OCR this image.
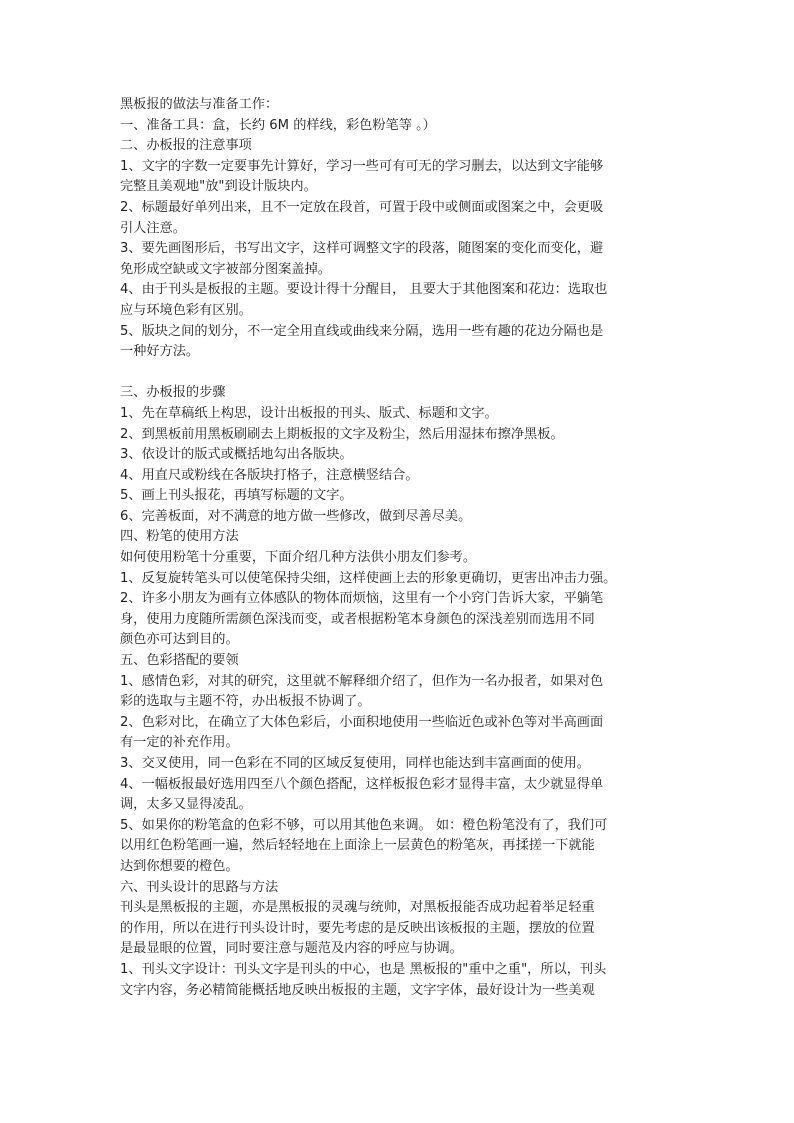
黑板报的做法与准备工作：
一、准备工具：盒，长约 6M 的样线，彩色粉笔等 。）
二、办板报的注意事项
1、文字的字数一定要事先计算好，学习一些可有可无的学习删去，以达到文字能够
完整且美观地"放"到设计版块内。
2、标题最好单列出来，且不一定放在段首，可置于段中或侧面或图案之中，会更吸
引人注意。
3、要先画图形后，书写出文字，这样可调整文字的段落，随图案的变化而变化，避
免形成空缺或文字被部分图案盖掉。
4、由于刊头是板报的主题。要设计得十分醒目， 且要大于其他图案和花边：选取也
应与环境色彩有区别。
5、版块之间的划分，不一定全用直线或曲线来分隔，选用一些有趣的花边分隔也是
一种好方法。
三、办板报的步骤
1、先在草稿纸上构思，设计出板报的刊头、版式、标题和文字。
2、到黑板前用黑板刷刷去上期板报的文字及粉尘，然后用湿抹布擦净黑板。
3、依设计的版式或概括地勾出各版块。
4、用直尺或粉线在各版块打格子，注意横竖结合。
5、画上刊头报花，再填写标题的文字。
6、完善板面，对不满意的地方做一些修改，做到尽善尽美。
四、粉笔的使用方法
如何使用粉笔十分重要，下面介绍几种方法供小朋友们参考。
1、反复旋转笔头可以使笔保持尖细，这样使画上去的形象更确切，更害出冲击力强。
2、许多小朋友为画有立体感队的物体而烦恼，这里有一个小窍门告诉大家，平躺笔
身，使用力度随所需颜色深浅而变，或者根据粉笔本身颜色的深浅差别而选用不同
颜色亦可达到目的。
五、色彩搭配的要领
1、感情色彩，对其的研究，这里就不解释细介绍了，但作为一名办报者，如果对色
彩的选取与主题不符，办出板报不协调了。
2、色彩对比，在确立了大体色彩后，小面积地使用一些临近色或补色等对半高画面
有一定的补充作用。
3、交叉使用，同一色彩在不同的区域反复使用，同样也能达到丰富画面的使用。
4、一幅板报最好选用四至八个颜色搭配，这样板报色彩才显得丰富，太少就显得单
调，太多又显得凌乱。
5、如果你的粉笔盒的色彩不够，可以用其他色来调。 如：橙色粉笔没有了，我们可
以用红色粉笔画一遍，然后轻轻地在上面涂上一层黄色的粉笔灰，再揉搓一下就能
达到你想要的橙色。
六、刊头设计的思路与方法
刊头是黑板报的主题，亦是黑板报的灵魂与统帅，对黑板报能否成功起着举足轻重
的作用，所以在进行刊头设计时，要先考虑的是反映出该板报的主题，摆放的位置
是最显眼的位置，同时要注意与题范及内容的呼应与协调。
1、刊头文字设计：刊头文字是刊头的中心，也是 黑板报的"重中之重"，所以，刊头
文字内容，务必精简能概括地反映出板报的主题，文字字体，最好设计为一些美观
